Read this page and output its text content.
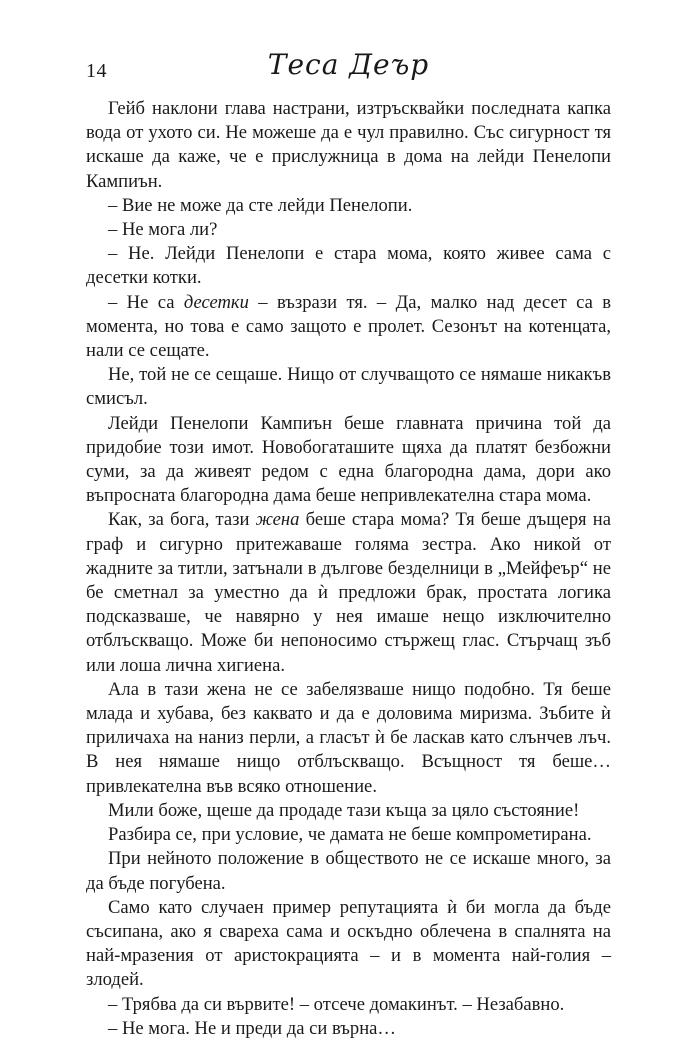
14	Теса Деър

Гейб наклони глава настрани, изтръсквайки последната капка вода от ухото си. Не можеше да е чул правилно. Със сигурност тя искаше да каже, че е прислужница в дома на лейди Пенелопи Кампиън.

– Вие не може да сте лейди Пенелопи.

– Не мога ли?

– Не. Лейди Пенелопи е стара мома, която живее сама с десетки котки.

– Не са десетки – възрази тя. – Да, малко над десет са в момента, но това е само защото е пролет. Сезонът на котенцата, нали се сещате.

Не, той не се сещаше. Нищо от случващото се нямаше никакъв смисъл.

Лейди Пенелопи Кампиън беше главната причина той да придобие този имот. Новобогаташите щяха да платят безбожни суми, за да живеят редом с една благородна дама, дори ако въпросната благородна дама беше непривлекателна стара мома.

Как, за бога, тази жена беше стара мома? Тя беше дъщеря на граф и сигурно притежаваше голяма зестра. Ако никой от жадните за титли, затънали в дългове безделници в „Мейфеър“ не бе сметнал за уместно да ѝ предложи брак, простата логика подсказваше, че навярно у нея имаше нещо изключително отблъскващо. Може би непоносимо стържещ глас. Стърчащ зъб или лоша лична хигиена.

Ала в тази жена не се забелязваше нищо подобно. Тя беше млада и хубава, без каквато и да е доловима миризма. Зъбите ѝ приличаха на наниз перли, а гласът ѝ бе ласкав като слънчев лъч. В нея нямаше нищо отблъскващо. Всъщност тя беше… привлекателна във всяко отношение.

Мили боже, щеше да продаде тази къща за цяло състояние!

Разбира се, при условие, че дамата не беше компрометирана.

При нейното положение в обществото не се искаше много, за да бъде погубена.

Само като случаен пример репутацията ѝ би могла да бъде съсипана, ако я свареха сама и оскъдно облечена в спалнята на най-мразения от аристокрацията – и в момента най-голия – злодей.

– Трябва да си вървите! – отсече домакинът. – Незабавно.

– Не мога. Не и преди да си върна…
